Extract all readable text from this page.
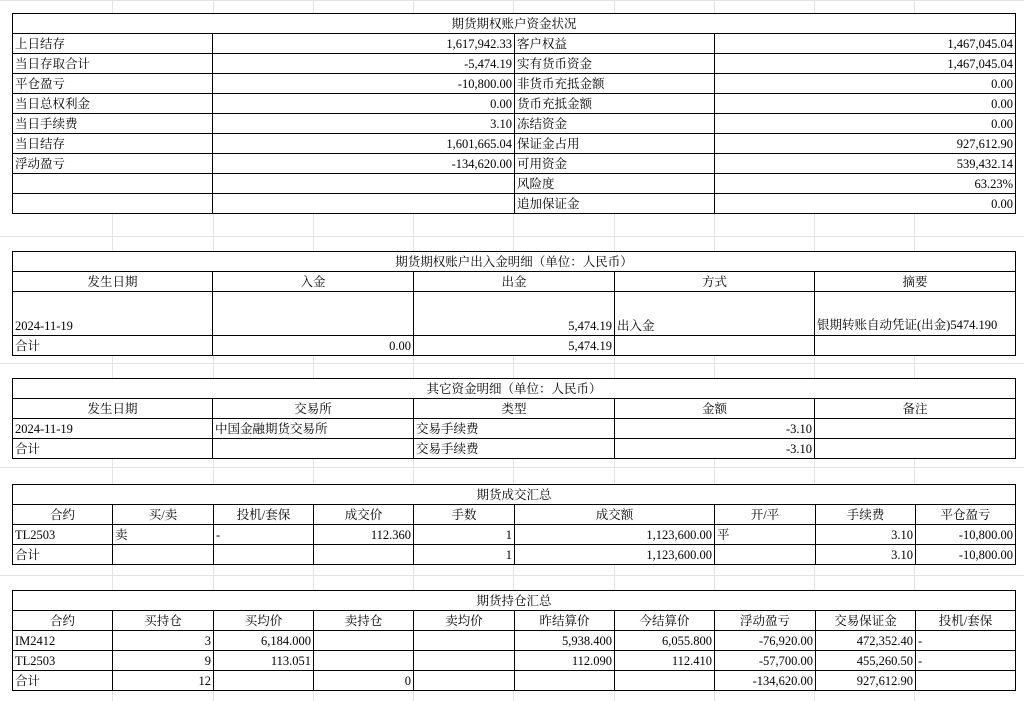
期货期权账户资金状况			
上日结存	1,617,942.33	客户权益	1,467,045.04
当日存取合计	-5,474.19	实有货币资金	1,467,045.04
平仓盈亏	-10,800.00	非货币充抵金额	0.00
当日总权利金	0.00	货币充抵金额	0.00
当日手续费	3.10	冻结资金	0.00
当日结存	1,601,665.04	保证金占用	927,612.90
浮动盈亏	-134,620.00	可用资金	539,432.14
		风险度	63.23%
		追加保证金	0.00
期货期权账户出入金明细（单位：人民币）				
发生日期	入金	出金	方式	摘要
2024-11-19		5,474.19	出入金	银期转账自动凭证(出金)5474.190
合计	0.00	5,474.19		
其它资金明细（单位：人民币）				
发生日期	交易所	类型	金额	备注
2024-11-19	中国金融期货交易所	交易手续费	-3.10	
合计		交易手续费	-3.10	
期货成交汇总								
合约	买/卖	投机/套保	成交价	手数	成交额	开/平	手续费	平仓盈亏
TL2503	卖	-	112.360	1	1,123,600.00	平	3.10	-10,800.00
合计				1	1,123,600.00		3.10	-10,800.00
期货持仓汇总									
合约	买持仓	买均价	卖持仓	卖均价	昨结算价	今结算价	浮动盈亏	交易保证金	投机/套保
IM2412	3	6,184.000			5,938.400	6,055.800	-76,920.00	472,352.40	-
TL2503	9	113.051			112.090	112.410	-57,700.00	455,260.50	-
合计	12		0				-134,620.00	927,612.90	
